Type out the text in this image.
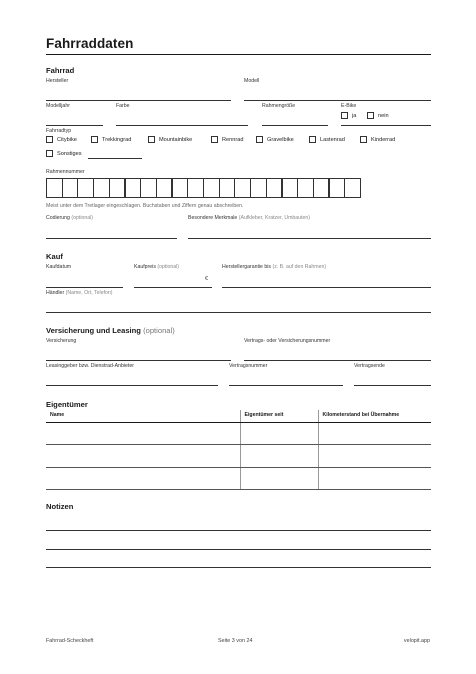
Fahrraddaten
Fahrrad
Hersteller	Modell
Modelljahr	Farbe	Rahmengröße	E-Bike
ja	nein
Fahrradtyp
Citybike	Trekkingrad	Mountainbike	Rennrad	Gravelbike	Lastenrad	Kinderrad
Sonstiges
Rahmennummer
Meist unter dem Tretlager eingeschlagen. Buchstaben und Ziffern genau abschreiben.
Codierung (optional)	Besondere Merkmale (Aufkleber, Kratzer, Umbauten)
Kauf
Kaufdatum	Kaufpreis (optional)
€
Herstellergarantie bis (z. B. auf den Rahmen)
Händler (Name, Ort, Telefon)
Versicherung und Leasing (optional)
Versicherung	Vertrags- oder Versicherungsnummer
Leasinggeber bzw. Dienstrad-Anbieter	Vertragsnummer	Vertragsende
Eigentümer
Name	Eigentümer seit	Kilometerstand bei Übernahme

Notizen
Fahrrad-Scheckheft	Seite 3 von 24	velopit.app
